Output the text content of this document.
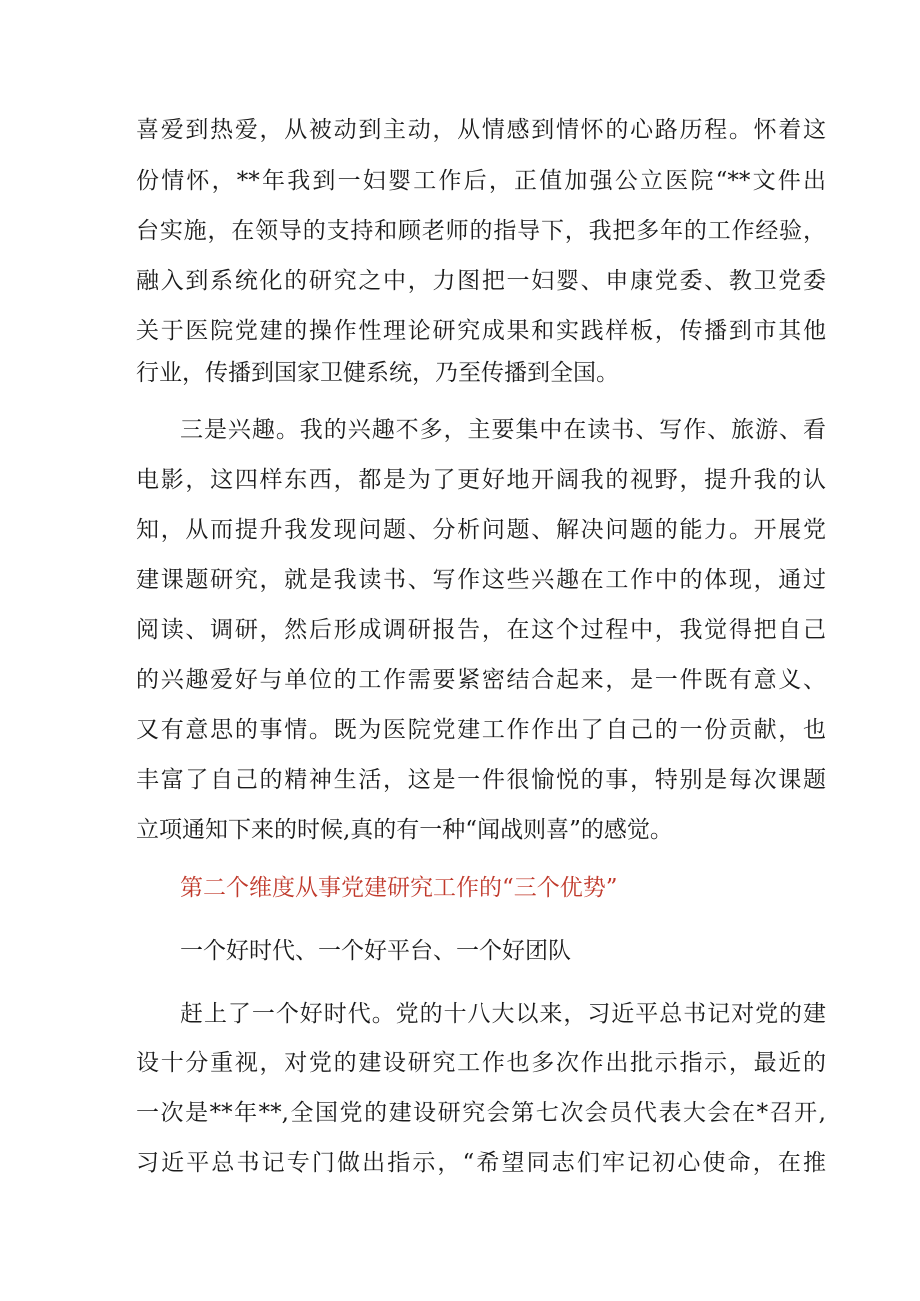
喜爱到热爱，从被动到主动，从情感到情怀的心路历程。怀着这
份情怀，**年我到一妇婴工作后，正值加强公立医院“**文件出
台实施，在领导的支持和顾老师的指导下，我把多年的工作经验，
融入到系统化的研究之中，力图把一妇婴、申康党委、教卫党委
关于医院党建的操作性理论研究成果和实践样板，传播到市其他
行业，传播到国家卫健系统，乃至传播到全国。
三是兴趣。我的兴趣不多，主要集中在读书、写作、旅游、看
电影，这四样东西，都是为了更好地开阔我的视野，提升我的认
知，从而提升我发现问题、分析问题、解决问题的能力。开展党
建课题研究，就是我读书、写作这些兴趣在工作中的体现，通过
阅读、调研，然后形成调研报告，在这个过程中，我觉得把自己
的兴趣爱好与单位的工作需要紧密结合起来，是一件既有意义、
又有意思的事情。既为医院党建工作作出了自己的一份贡献，也
丰富了自己的精神生活，这是一件很愉悦的事，特别是每次课题
立项通知下来的时候,真的有一种“闻战则喜”的感觉。
第二个维度从事党建研究工作的“三个优势”
一个好时代、一个好平台、一个好团队
赶上了一个好时代。党的十八大以来，习近平总书记对党的建
设十分重视，对党的建设研究工作也多次作出批示指示，最近的
一次是**年**,全国党的建设研究会第七次会员代表大会在*召开,
习近平总书记专门做出指示，“希望同志们牢记初心使命，在推
